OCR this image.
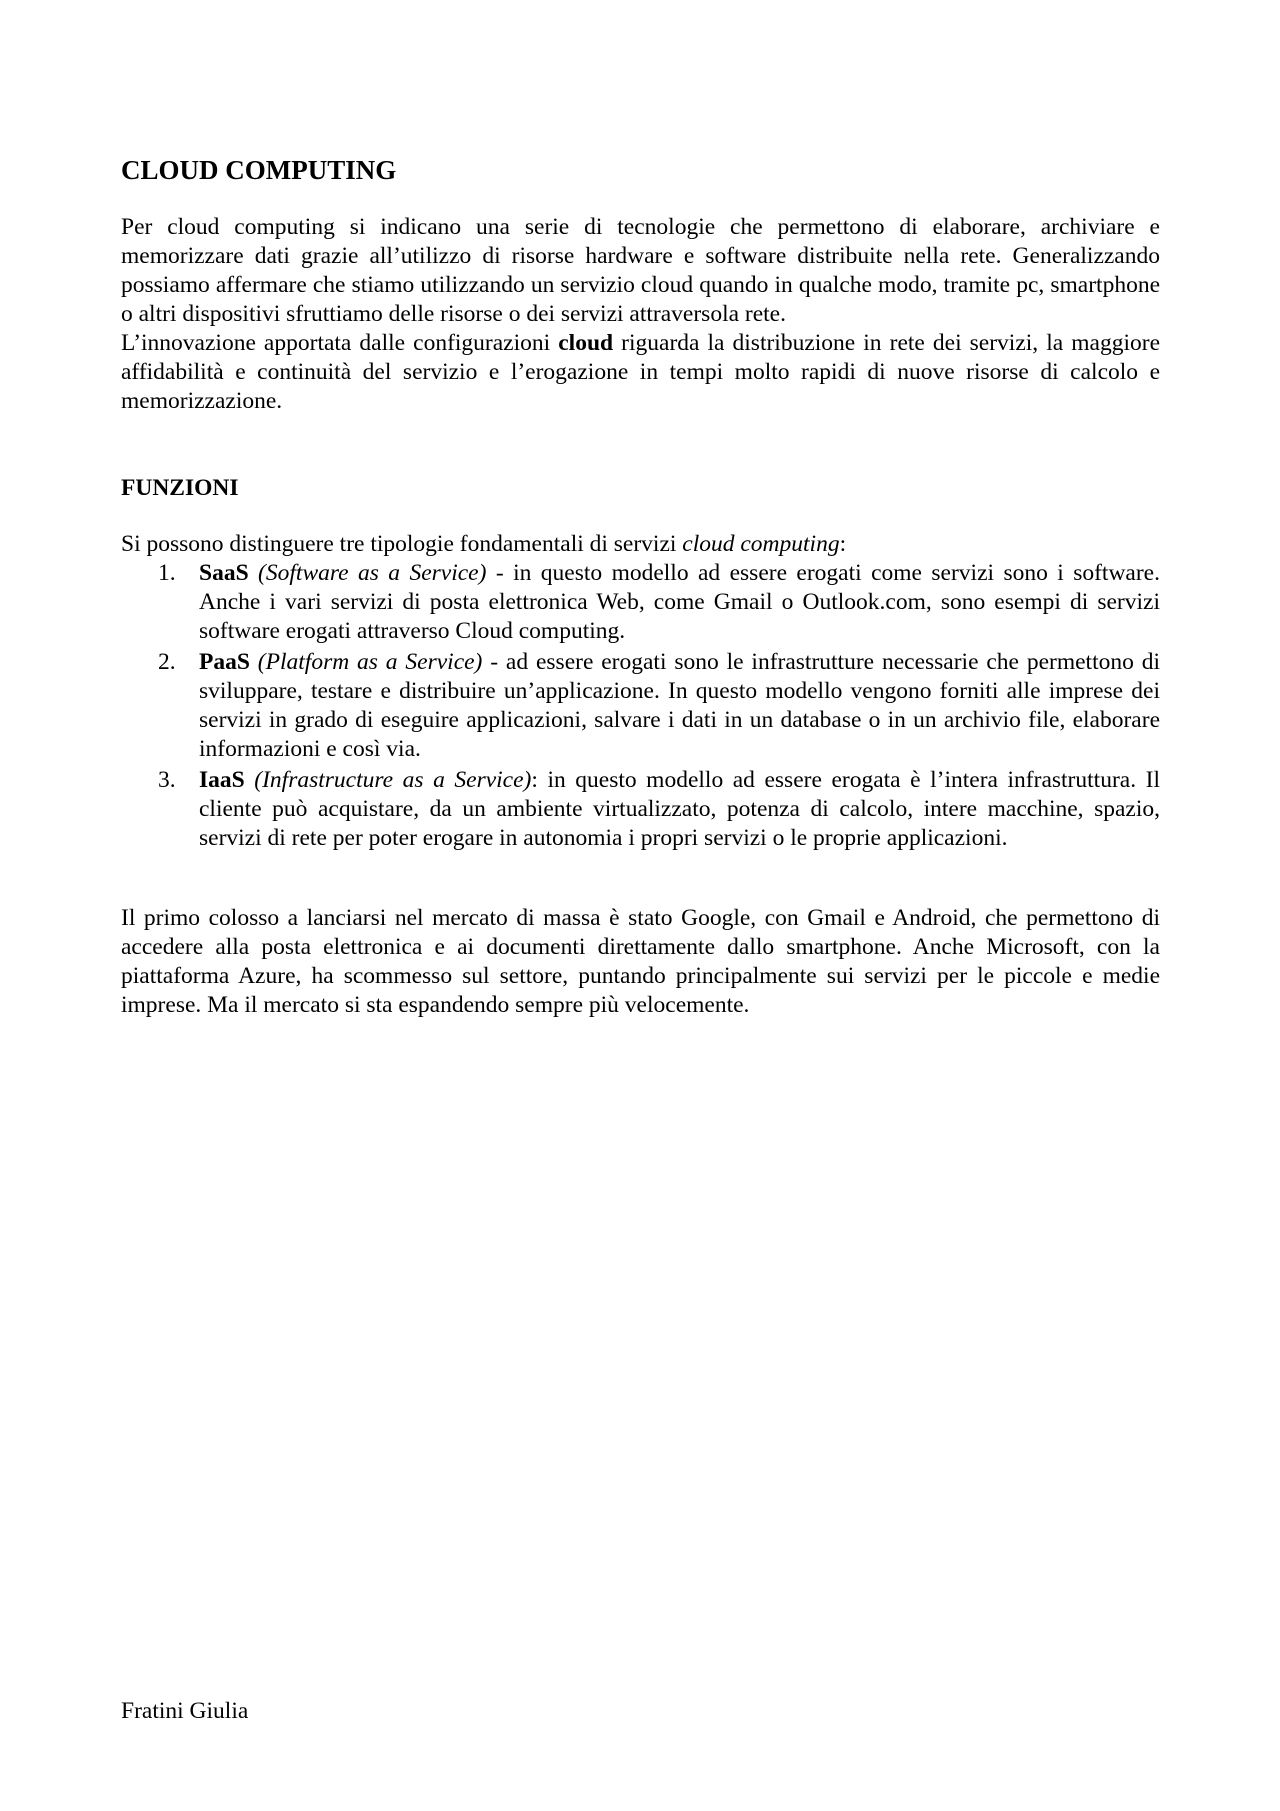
CLOUD COMPUTING

Per cloud computing si indicano una serie di tecnologie che permettono di elaborare, archiviare e memorizzare dati grazie all’utilizzo di risorse hardware e software distribuite nella rete. Generalizzando possiamo affermare che stiamo utilizzando un servizio cloud quando in qualche modo, tramite pc, smartphone o altri dispositivi sfruttiamo delle risorse o dei servizi attraversola rete.

L’innovazione apportata dalle configurazioni cloud riguarda la distribuzione in rete dei servizi, la maggiore affidabilità e continuità del servizio e l’erogazione in tempi molto rapidi di nuove risorse di calcolo e memorizzazione.

FUNZIONI

Si possono distinguere tre tipologie fondamentali di servizi cloud computing:

1. SaaS (Software as a Service) - in questo modello ad essere erogati come servizi sono i software. Anche i vari servizi di posta elettronica Web, come Gmail o Outlook.com, sono esempi di servizi software erogati attraverso Cloud computing.
2. PaaS (Platform as a Service) - ad essere erogati sono le infrastrutture necessarie che permettono di sviluppare, testare e distribuire un’applicazione. In questo modello vengono forniti alle imprese dei servizi in grado di eseguire applicazioni, salvare i dati in un database o in un archivio file, elaborare informazioni e così via.
3. IaaS (Infrastructure as a Service): in questo modello ad essere erogata è l’intera infrastruttura. Il cliente può acquistare, da un ambiente virtualizzato, potenza di calcolo, intere macchine, spazio, servizi di rete per poter erogare in autonomia i propri servizi o le proprie applicazioni.

Il primo colosso a lanciarsi nel mercato di massa è stato Google, con Gmail e Android, che permettono di accedere alla posta elettronica e ai documenti direttamente dallo smartphone. Anche Microsoft, con la piattaforma Azure, ha scommesso sul settore, puntando principalmente sui servizi per le piccole e medie imprese. Ma il mercato si sta espandendo sempre più velocemente.

Fratini Giulia
